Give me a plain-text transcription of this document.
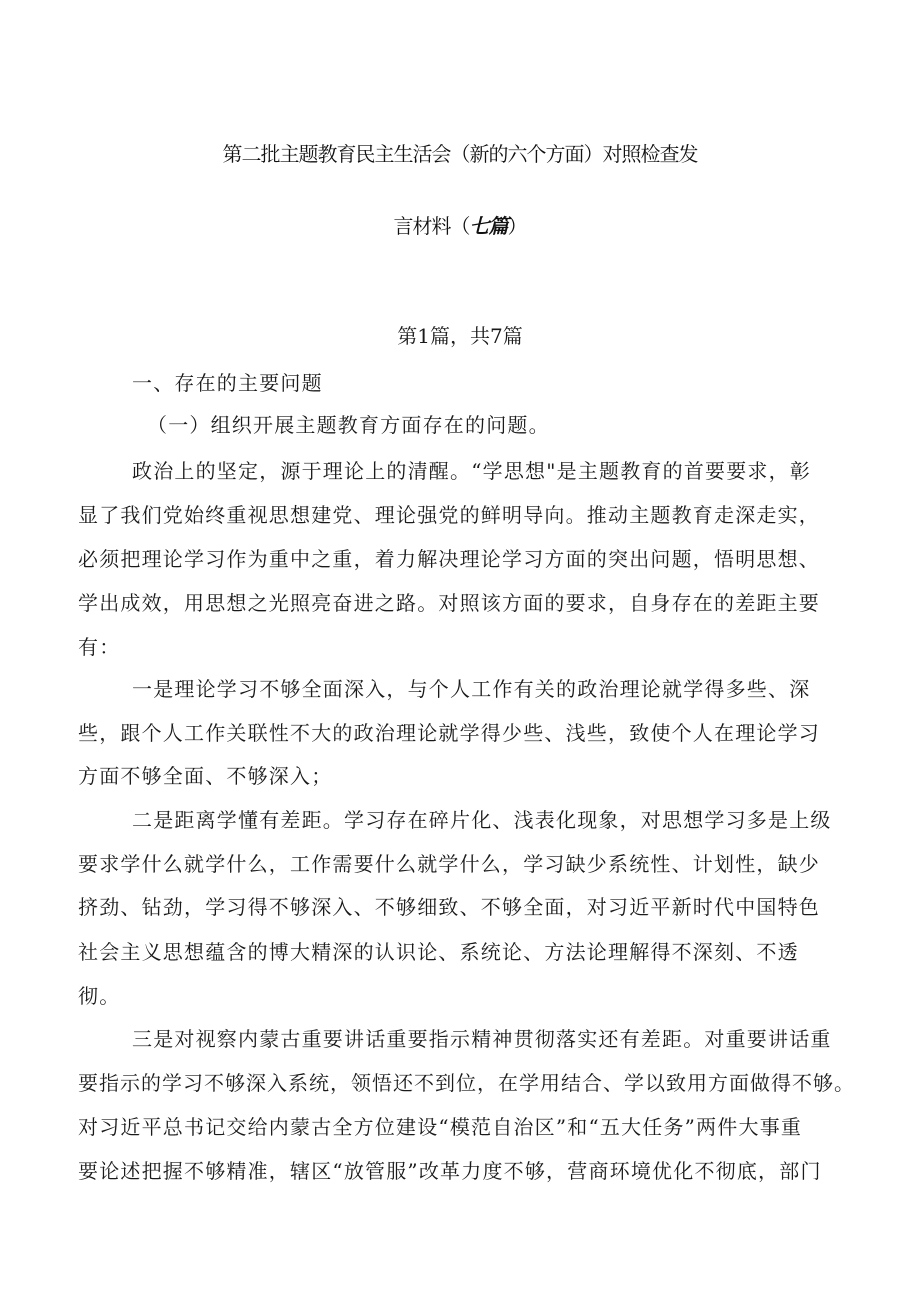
第二批主题教育民主生活会（新的六个方面）对照检查发
言材料（七篇）
第1篇，共7篇
一、存在的主要问题
（一）组织开展主题教育方面存在的问题。
政治上的坚定，源于理论上的清醒。“学思想"是主题教育的首要要求，彰
显了我们党始终重视思想建党、理论强党的鲜明导向。推动主题教育走深走实，
必须把理论学习作为重中之重，着力解决理论学习方面的突出问题，悟明思想、
学出成效，用思想之光照亮奋进之路。对照该方面的要求，自身存在的差距主要
有：
一是理论学习不够全面深入，与个人工作有关的政治理论就学得多些、深
些，跟个人工作关联性不大的政治理论就学得少些、浅些，致使个人在理论学习
方面不够全面、不够深入；
二是距离学懂有差距。学习存在碎片化、浅表化现象，对思想学习多是上级
要求学什么就学什么，工作需要什么就学什么，学习缺少系统性、计划性，缺少
挤劲、钻劲，学习得不够深入、不够细致、不够全面，对习近平新时代中国特色
社会主义思想蕴含的博大精深的认识论、系统论、方法论理解得不深刻、不透
彻。
三是对视察内蒙古重要讲话重要指示精神贯彻落实还有差距。对重要讲话重
要指示的学习不够深入系统，领悟还不到位，在学用结合、学以致用方面做得不够。
对习近平总书记交给内蒙古全方位建设“模范自治区”和“五大任务”两件大事重
要论述把握不够精准，辖区“放管服”改革力度不够，营商环境优化不彻底，部门
